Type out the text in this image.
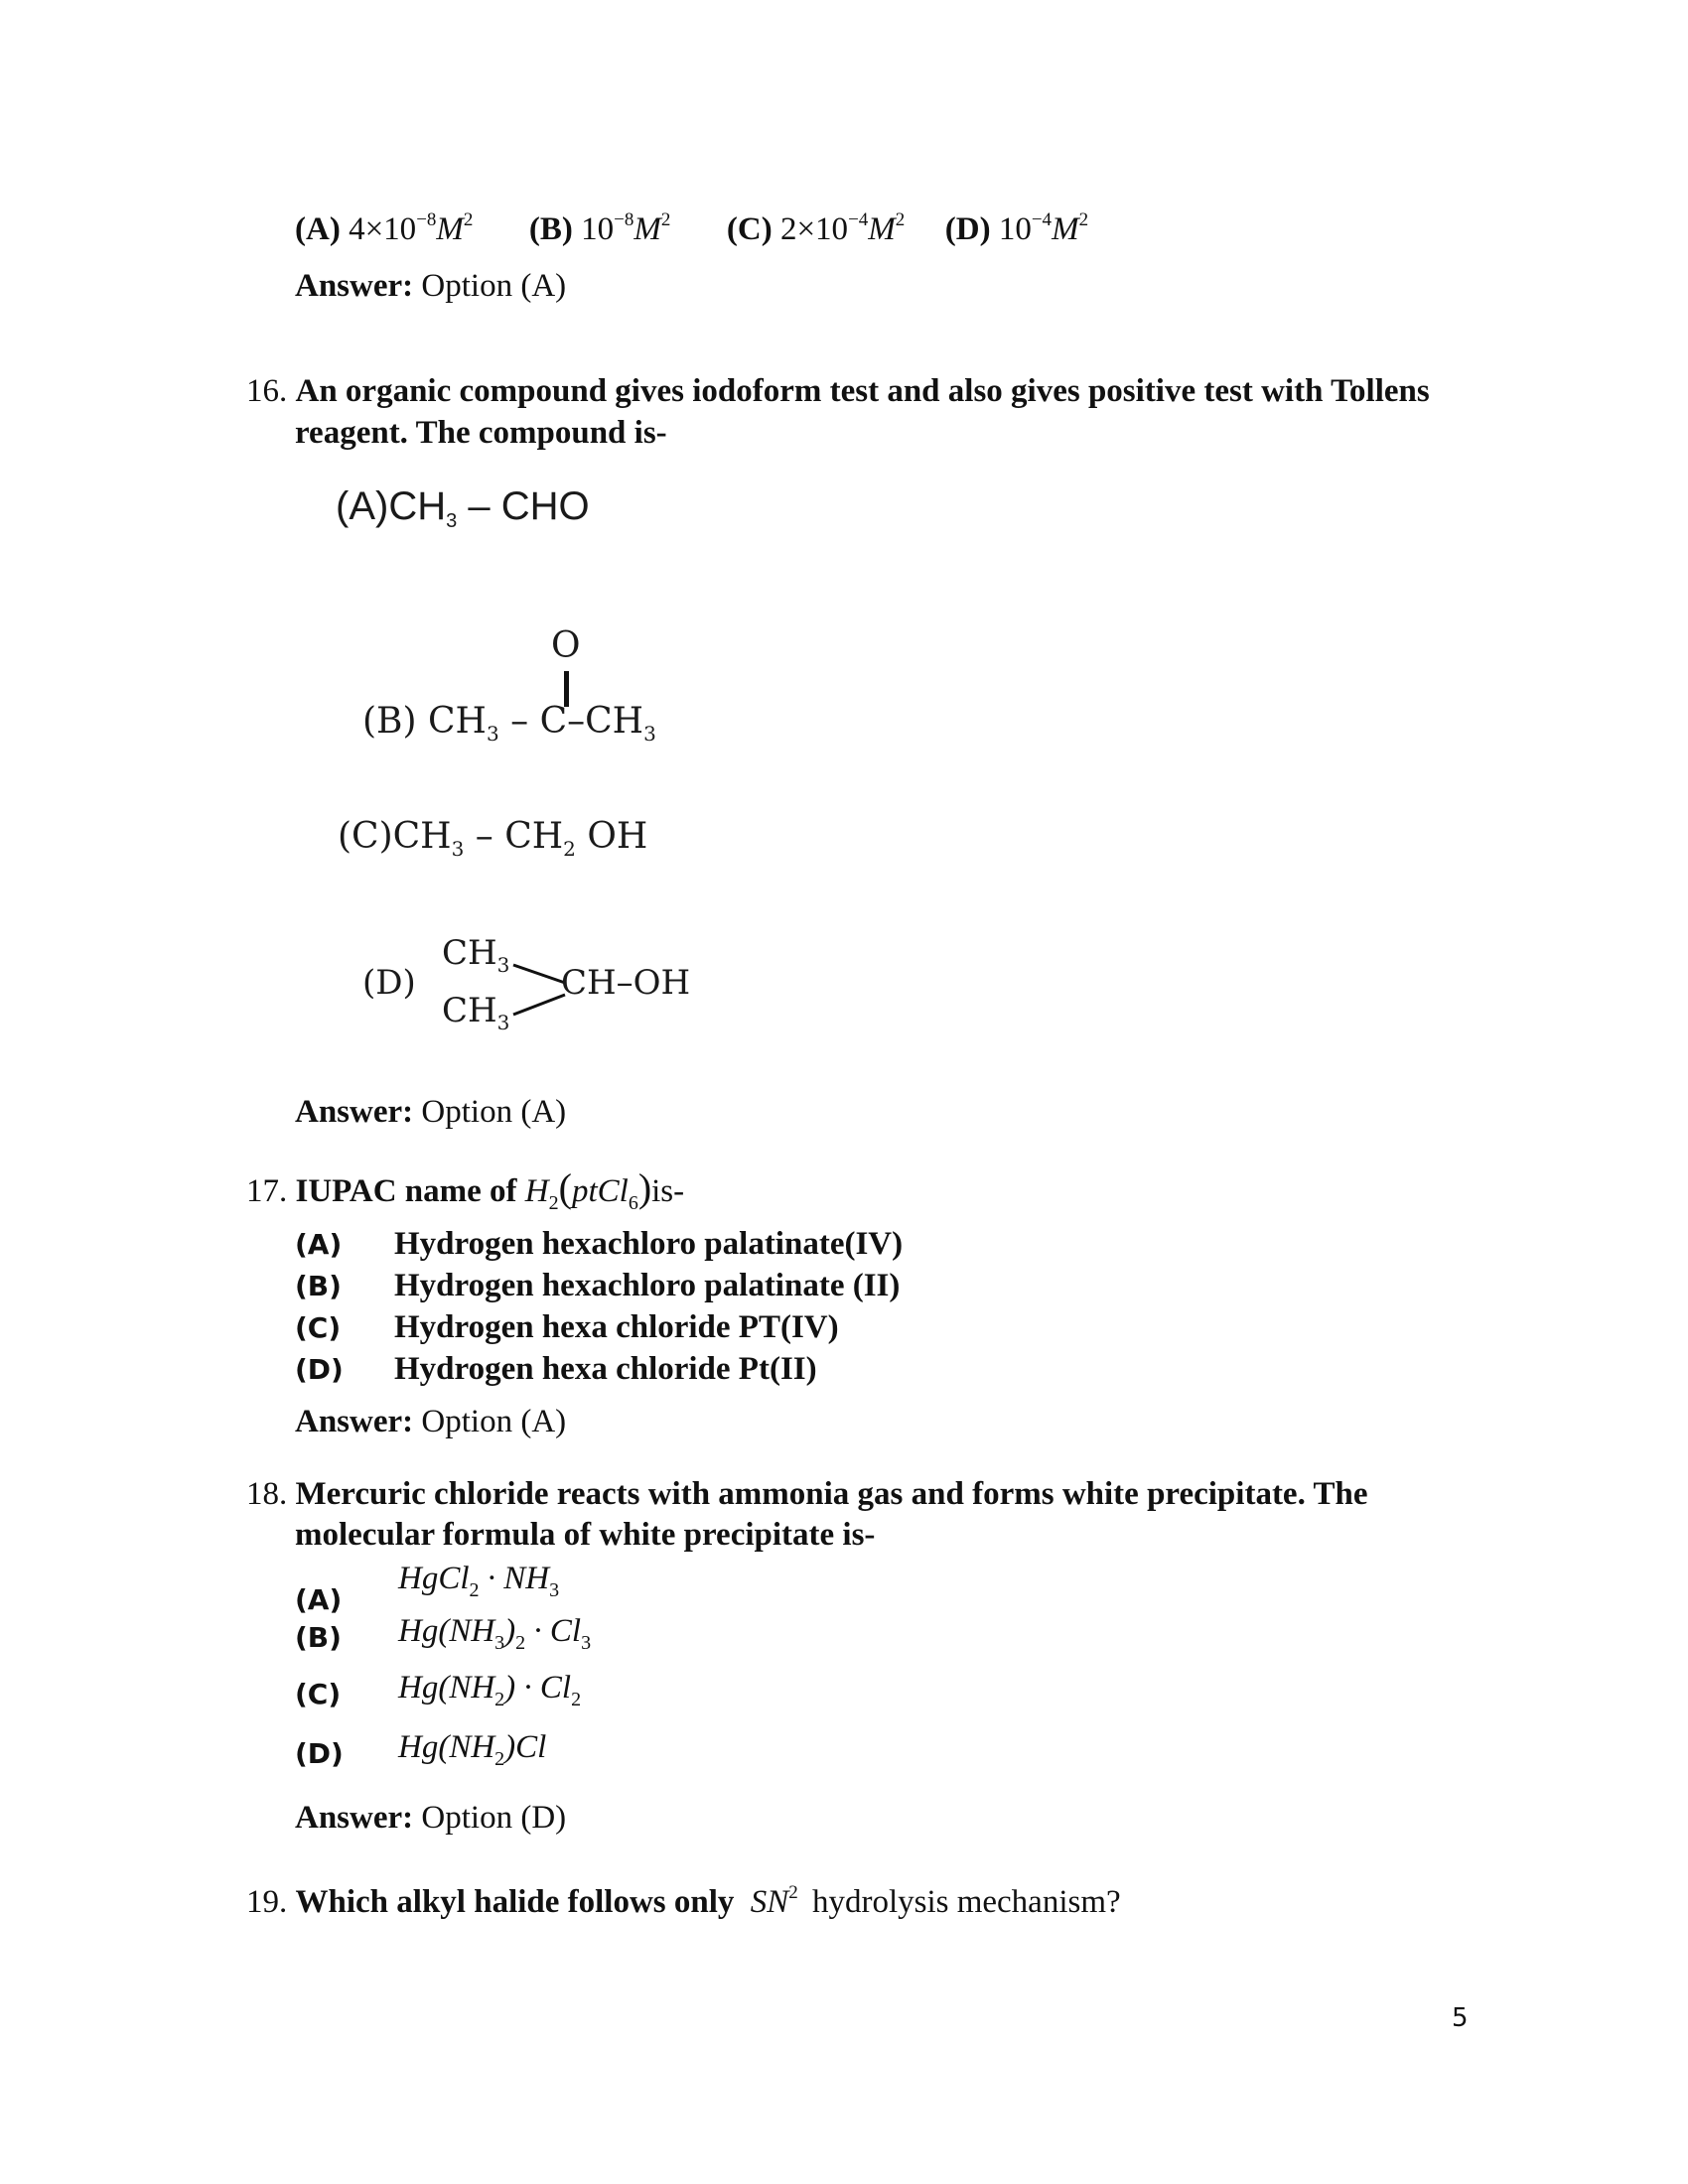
(A) $4\times 10^{-8}M^2$ (B) $10^{-8}M^2$ (C) $2\times 10^{-4}M^2$ (D) $10^{-4}M^2$
Answer: Option (A)
16. An organic compound gives iodoform test and also gives positive test with Tollens
reagent. The compound is-
$(A)CH_3$ – CHO
O
(B) $CH_3 - C-CH_3$
$(C)CH_3 - CH_2$ OH
(D)
$CH_3$
$CH_3$
CH–OH
Answer: Option (A)
17. IUPAC name of $H_2(ptCl_6)is-$
(A)	Hydrogen hexachloro palatinate(IV)
(B)	Hydrogen hexachloro palatinate (II)
(C)	Hydrogen hexa chloride PT(IV)
(D)	Hydrogen hexa chloride Pt(II)
Answer: Option (A)
18. Mercuric chloride reacts with ammonia gas and forms white precipitate. The
molecular formula of white precipitate is-
(A)
HgCl$_2$ · $NH_3$
(B)	$Hg(NH_3)_2 \cdot Cl_3$
(C)	$Hg(NH_2) \cdot Cl_2$
(D)	$Hg(NH_2)Cl$
Answer: Option (D)
19. Which alkyl halide follows only $SN^2$ hydrolysis mechanism?
5
